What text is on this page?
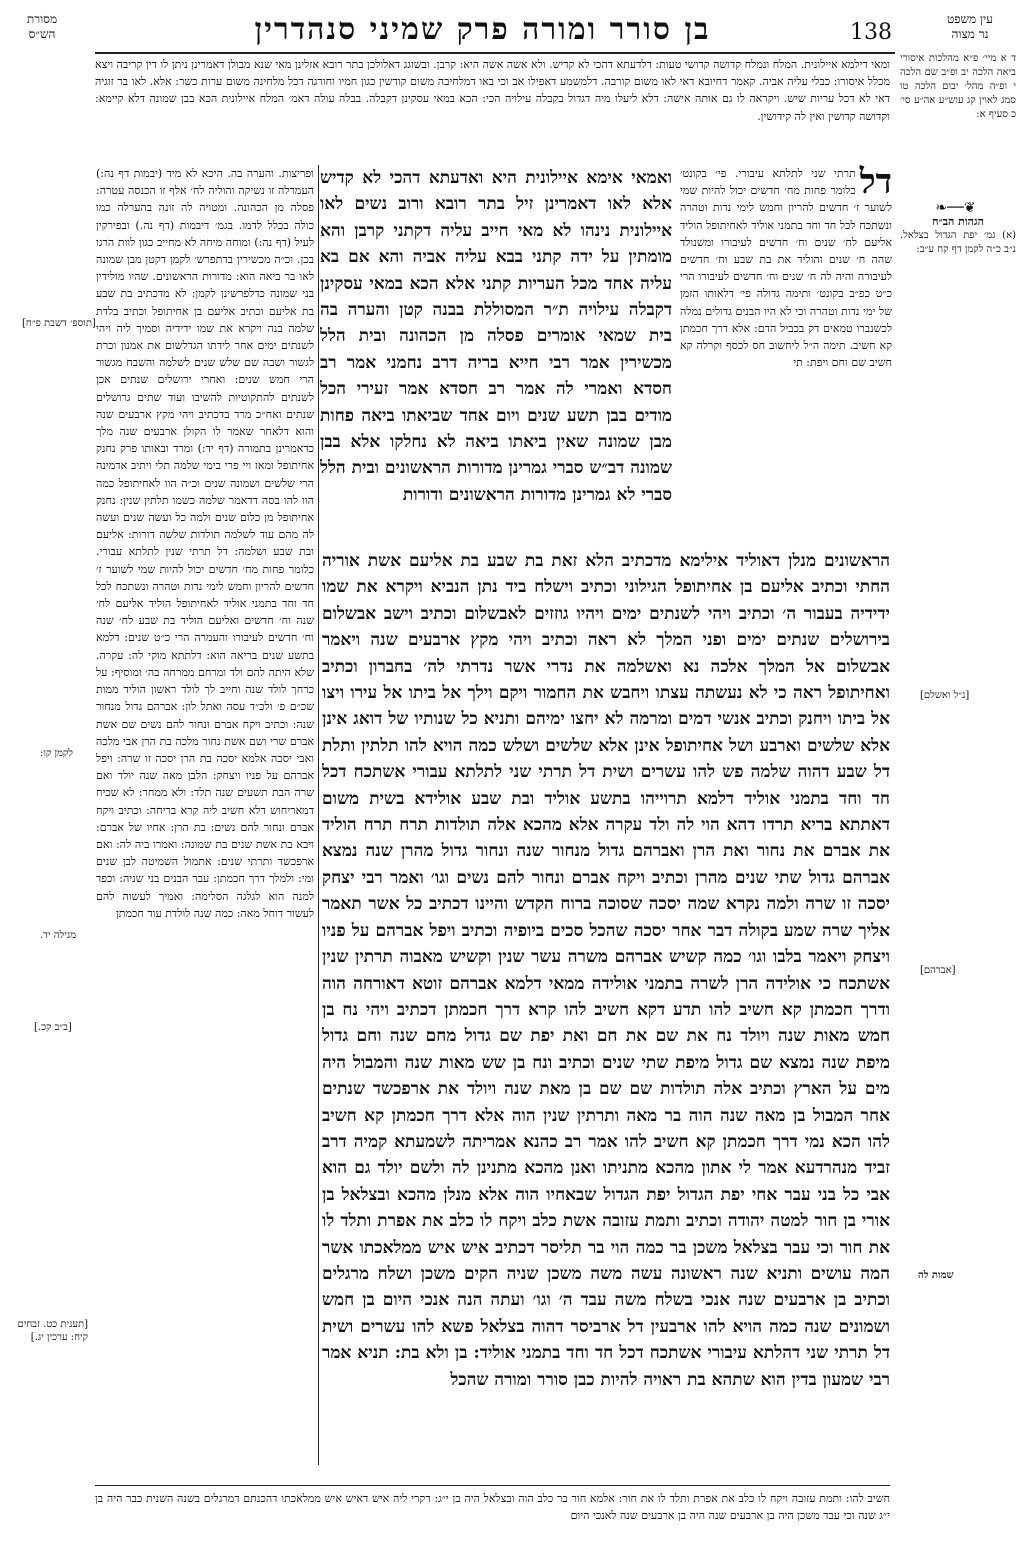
מסורת
הש״ס	בן סורר ומורה פרק שמיני סנהדרין	138
עין משפט
נר מצוה
ד א מיי׳ פ״א מהלכות איסורי ביאה הלכה יב ופ״ב שם הלכה י ופ״ה מהל׳ יבום הלכה טו סמג לאוין קג עוש״ע אה״ע סי׳ כ סעיף א:
❧──❦
הגהות הב״ח
(א) גמ׳ יפת הגדול בצלאל. נ״ב כ״ה לקמן דף קח ע״ב:
ומאי דילמא איילונית. המלח ונמלח קדושה קדושי טעות: דלדעתא דהכי לא קדיש. ולא אשה אשה היא: קרבן. ובשוגג דאלולכן בתר רובא אזלינן מאי שנא מבולן דאמרינן ניתן לו דין קריבה ויצא מכלל איסורו: כבלי עליה אביה. קאמר דחיובא דאי לאו משום קורבה. דלמשמע דאפילו אב וכי באו דמלחיבה משום קודשין כגון חמיו וחורגה דכל מלחינה משום ערות כשר: אלא. לאו בר זוגיה דאי לא דכל עריות שיש. ויקראה לו גם אותה אישה: דלא ליעלו מיה דגדול בקבלה עילויה הכי: הכא במאי עסקינן דקבלה. בבלה עולה דאמ׳ המלח איילונית הכא בבן שמונה דלא קיימא: וקדושה קדושין ואין לה קידושין.
דל
תרתי שני לתלתא עיבורי. פי׳ בקונט׳ כלומר פחות מח׳ חדשים יכול להיות שמי לשוער ז׳ חדשים להריון וחמש לימי נדות וטהרה ונשתכח לכל חד וחד בתמני אוליד לאחיתופל הוליד אליעם לח׳ שנים וח׳ חדשים לעיבורו ומשנולד שהה ח׳ שנים והוליד את בת שבע וח׳ חדשים לעיבורה והיה לה ח׳ שנים וח׳ חדשים לעיבורו הרי כ״ט כפ״ב בקונט׳ ותימה גדולה פי׳ דלאותו הזמן של ימי נדות וטהרה וכי לא היו הבנים גדולים נמלה לכשנברו טמאים דק בכביל הדם: אלא דרך חכמתן קא חשיב. תימה ה״ל ליחשוב חס לכסף וקרלה קא חשיב שם וחם ויפת: תי
ואמאי אימא איילונית היא ואדעתא דהכי לא קדיש אלא לאו דאמרינן זיל בתר רובא ורוב נשים לאו איילונית נינהו לא מאי חייב עליה דקתני קרבן והא מומתין על ידה קתני בבא עליה אביה והא אם בא עליה אחד מכל העריות קתני אלא הכא במאי עסקינן דקבלה עילויה ת״ר המסוללת בבנה קטן והערה בה בית שמאי אומרים פסלה מן הכהונה ובית הלל מכשירין אמר רבי חייא בריה דרב נחמני אמר רב חסדא ואמרי לה אמר רב חסדא אמר זעירי הכל מודים בבן תשע שנים ויום אחד שביאתו ביאה פחות מבן שמונה שאין ביאתו ביאה לא נחלקו אלא בבן שמונה דב״ש סברי גמרינן מדורות הראשונים ובית הלל סברי לא גמרינן מדורות הראשונים ודורות
ופריצות. והערה בה. היכא לא מיד (יבמות דף נה:) העמרלה זו נשיקה והוליה לח׳ אלף זו הכנסה עטרה: פסלה מן הכהונה. ומטויה לה זונה בהערלה כמו כולה בכלל לדמו. בגמ׳ דיבמות (דף נה.) ובפירקין לעיל (דף נה:) ומוחה מיחה לא מחייב כגון לוות הרגו בכן. וכ״ה מכשירין בדתפרש׳ לקמן דקטן מבן שמונה לאו בר ביאה הוא: מדורות הראשונים. שהיו מולידין בני שמונה כדלפרשינן לקמן: לא מדכתיב בת שבע בת אליעם וכתיב אליעם בן אחיתופל וכתיב בלדת שלמה בנה ויקרא את שמו ידידיה וסמיך ליה ויהי לשנתים ימים אחר לידתו הגדלשום את אמנון וכרת לגשור ושבה שם שלש שנים לשלמה והשבח מגשור הרי חמש שנים: ואחרי ירושלים שנתים אכן לשנתים להתקוטיות להשיבו ועוד שתים גרושלים שנתים ואח״כ מרד בדכתיב ויהי מקץ ארבעים שנה והוא דלאחר שאמר לו הקולן ארבעים שנה מלך כדאמרינן בתמורה (דף יד:) ומרד ובאותו פרק נחנק אחיתופל ומאז ויי פרי בימי שלמה תלי ויתיב אדמינה הרי שלשים ושמונה שנים וכ״ה הוו לאחיתופל כמה הוו להו בסה דדאמר שלמה כשמו תלתין שנין: נחנק אחיתופל מן כלום שנים ולמה כל ועשה שנים ועשה לה מהם עוד לשלמה תולדות שלשה דורות: אליעם ובת שבע ושלמה: דל תרתי שנין לתלתא עבורי. כלומר פחות מח׳ חדשים יכול להיות שמי לשוער ז׳ חדשים להריון וחמש לימי נדות וטהרה ונשתכח לכל חד וחד בתמני אוליד לאחיתופל הוליד אליעם לח׳ שנה וח׳ חדשים ואליעם הוליד בת שבע לח׳ שנה וח׳ חדשים לעיבורו והעמרה הרי כ״ט שנים: דלמא בתשע שנים בריאה הוא: דלתתא מוקי לה: עקרה. שלא היתה להם ולד ומרחם ממרחה בה׳ ומוסיף: על כרחך לולד שנה וחייב לך לולד ראשון הוליד ממות שכ״ם פ׳ ולכ״ד עסה ואתל לון: אברהם גדול מנחור שנה: וכתיב ויקח אברם ונחור להם נשים שם אשת אברם שרי ושם אשת נחור מלכה בת הרן אבי מלכה ואבי יסכה אלמא יסכה בת הרן יסכה זו שרה: ויפל אברהם על פניו ויצחק: הלבן מאה שנה יולד ואם שרה הבת תשעים שנה תלד: ולא ממחר: לא שכיח דמאריחוש דלא חשיב ליה קרא בריחה: וכתיב ויקח אברם ונחור להם נשים: בת הרן: אחיו של אברם: ויבא בת אשת שנים בת שמונה: ואמרו ביה לה: ואם ארפכשד ותרתי שנים: אתמול השמיטה לבן שנים ומי: ולמלך דרך חכמתן: עבר הבנים בני שניה: וכפד למנה הוא לגלגה הסלימה: ואמיך לעשוה להם לעשור דוחל מאה: כמה שנה לולדת עוד חכמתן
הראשונים מנלן דאוליד אילימא מדכתיב הלא זאת בת שבע בת אליעם אשת אוריה החתי וכתיב אליעם בן אחיתופל הגילוני וכתיב וישלח ביד נתן הנביא ויקרא את שמו ידידיה בעבור ה׳ וכתיב ויהי לשנתים ימים ויהיו גוזזים לאבשלום וכתיב וישב אבשלום בירושלים שנתים ימים ופני המלך לא ראה וכתיב ויהי מקץ ארבעים שנה ויאמר אבשלום אל המלך אלכה נא ואשלמה את נדרי אשר נדרתי לה׳ בחברון וכתיב ואחיתופל ראה כי לא נעשתה עצתו ויחבש את החמור ויקם וילך אל ביתו אל עירו ויצו אל ביתו ויחנק וכתיב אנשי דמים ומרמה לא יחצו ימיהם ותניא כל שנותיו של דואג אינן אלא שלשים וארבע ושל אחיתופל אינן אלא שלשים ושלש כמה הויא להו תלתין ותלת דל שבע דהוה שלמה פש להו עשרים ושית דל תרתי שני לתלתא עבורי אשתכח דכל חד וחד בתמני אוליד דלמא תרוייהו בתשע אוליד ובת שבע אולידא בשית משום דאתתא בריא תרדו דהא הוי לה ולד עקרה אלא מהכא אלה תולדות תרח תרח הוליד את אברם את נחור ואת הרן ואברהם גדול מנחור שנה ונחור גדול מהרן שנה נמצא אברהם גדול שתי שנים מהרן וכתיב ויקח אברם ונחור להם נשים וגו׳ ואמר רבי יצחק יסכה זו שרה ולמה נקרא שמה יסכה שסוכה ברוח הקדש והיינו דכתיב כל אשר תאמר אליך שרה שמע בקולה דבר אחר יסכה שהכל סכים ביופיה וכתיב ויפל אברהם על פניו ויצחק ויאמר בלבו וגו׳ כמה קשיש אברהם משרה עשר שנין וקשיש מאבוה תרתין שנין אשתכח כי אולידה הרן לשרה בתמני אולידה ממאי דלמא אברהם זוטא דאורחה הוה ודרך חכמתן קא חשיב להו תדע דקא חשיב להו קרא דרך חכמתן דכתיב ויהי נח בן חמש מאות שנה ויולד נח את שם את חם ואת יפת שם גדול מחם שנה וחם גדול מיפת שנה נמצא שם גדול מיפת שתי שנים וכתיב ונח בן שש מאות שנה והמבול היה מים על הארץ וכתיב אלה תולדות שם שם בן מאת שנה ויולד את ארפכשד שנתים אחר המבול בן מאה שנה הוה בר מאה ותרתין שנין הוה אלא דרך חכמתן קא חשיב להו הכא נמי דרך חכמתן קא חשיב להו אמר רב כהנא אמריתה לשמעתא קמיה דרב זביד מנהרדעא אמר לי אתון מהכא מתניתו ואנן מהכא מתנינן לה ולשם יולד גם הוא אבי כל בני עבר אחי יפת הגדול יפת הגדול שבאחיו הוה אלא מנלן מהכא ובצלאל בן אורי בן חור למטה יהודה וכתיב ותמת עזובה אשת כלב ויקח לו כלב את אפרת ותלד לו את חור וכי עבר בצלאל משכן בר כמה הוי בר תליסר דכתיב איש איש ממלאכתו אשר המה עושים ותניא שנה ראשונה עשה משה משכן שניה הקים משכן ושלח מרגלים וכתיב בן ארבעים שנה אנכי בשלח משה עבד ה׳ וגו׳ ועתה הנה אנכי היום בן חמש ושמונים שנה כמה הויא להו ארבעין דל ארביסר דהוה בצלאל פשא להו עשרים ושית דל תרתי שני דהלתא עיבורי אשתכח דכל חד וחד בתמני אוליד: בן ולא בת: תניא אמר רבי שמעון בדין הוא שתהא בת ראויה להיות כבן סורר ומורה שהכל
חשיב להו: ותמת עזובה ויקח לו כלב את אפרת ותלד לו את חור: אלמא חור בר כלב הוה ובצלאל היה בן י״ג: דקרי ליה איש דאיש איש ממלאכתו דהכנתם דמרגלים בשנה השנית כבר היה בן י״ג שנה וכי עבד משכן היה בן ארבעים שנה היה בן ארבעים שנה לאנכי היום
[תוספ׳ דשבת פ״ח]
לקמן קו:
מגילה יד.
[ב״ב קכ.]
[תענית כט. זבחים קיח: ערכין יג.]
[נ״ל ואשלם]
[אברהם]
שמות לה
